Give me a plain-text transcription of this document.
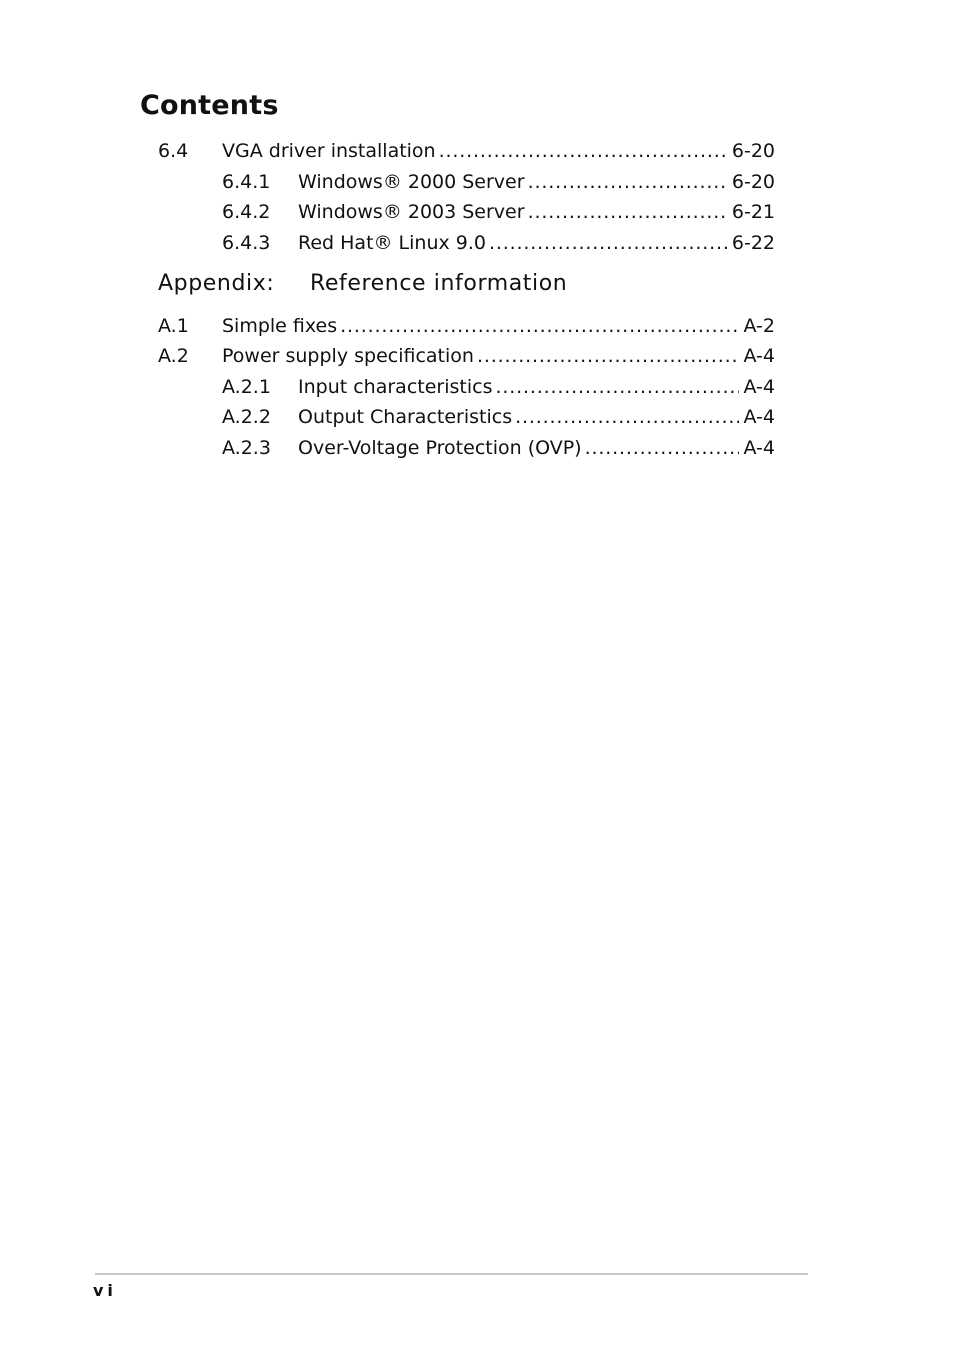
Contents
6.4	VGA driver installation . . .	6-20
6.4.1	Windows® 2000 Server . . .	6-20
6.4.2	Windows® 2003 Server . . .	6-21
6.4.3	Red Hat® Linux 9.0 . . .	6-22
Appendix: Reference information
A.1	Simple fixes . . .	A-2
A.2	Power supply specification . . .	A-4
A.2.1	Input characteristics . . .	A-4
A.2.2	Output Characteristics . . .	A-4
A.2.3	Over-Voltage Protection (OVP) . . .	A-4
vi
